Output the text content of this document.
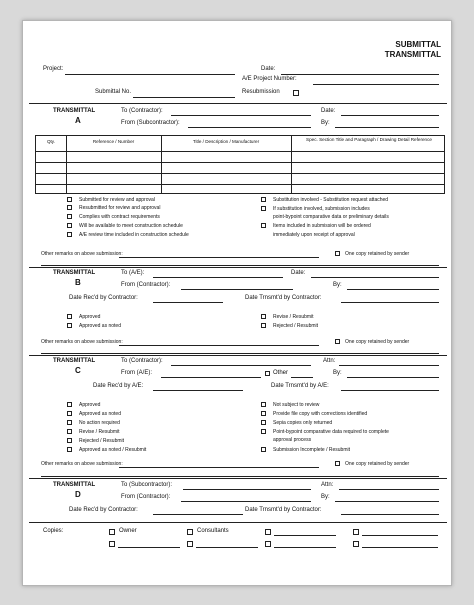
SUBMITTAL
TRANSMITTAL
Project:	Date:
A/E Project Number:
Submittal No.	Resubmission
TRANSMITTAL
A
To (Contractor):
From (Subcontractor):
Date:
By:
Qty.	Reference / Number	Title / Description / Manufacturer	Spec. Section Title and Paragraph / Drawing Detail Reference
Submitted for review and approval
Resubmitted for review and approval
Complies with contract requirements
Will be available to meet construction schedule
A/E review time included in construction schedule
Substitution involved - Substitution request attached
If substitution involved, submission includes
point-bypoint comparative data or preliminary details
Items included in submission will be ordered
immediately upon receipt of approval
Other remarks on above submission:	One copy retained by sender
TRANSMITTAL
B
To (A/E):
From (Contractor):
Date:
By:
Date Rec'd by Contractor:	Date Trnsmt'd by Contractor:
Approved
Approved as noted
Revise / Resubmit
Rejected / Resubmit
Other remarks on above submission:	One copy retained by sender
TRANSMITTAL
C
To (Contractor):
From (A/E):	Other
Attn:
By:
Date Rec'd by A/E:	Date Trnsmt'd by A/E:
Approved
Approved as noted
No action required
Revise / Resubmit
Rejected / Resubmit
Approved as noted / Resubmit
Not subject to review
Provide file copy with corrections identified
Sepia copies only returned
Point-bypoint comparative data required to complete
approval process
Submission Incomplete / Resubmit
Other remarks on above submission:	One copy retained by sender
TRANSMITTAL
D
To (Subcontractor):
From (Contractor):
Attn:
By:
Date Rec'd by Contractor:	Date Trnsmt'd by Contractor:
Copies:	Owner	Consultants
